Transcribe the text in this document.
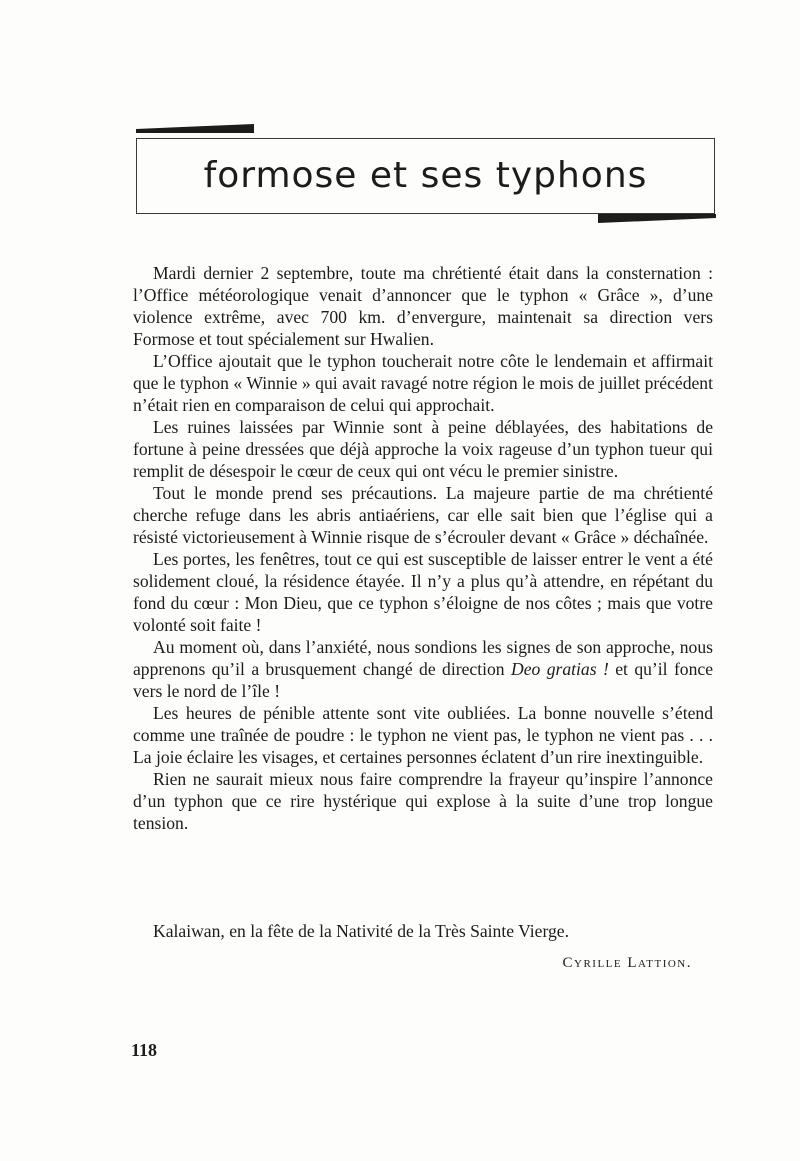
formose et ses typhons

Mardi dernier 2 septembre, toute ma chrétienté était dans la consternation : l’Office météorologique venait d’annoncer que le typhon « Grâce », d’une violence extrême, avec 700 km. d’envergure, maintenait sa direction vers Formose et tout spécialement sur Hwalien.

L’Office ajoutait que le typhon toucherait notre côte le lendemain et affirmait que le typhon « Winnie » qui avait ravagé notre région le mois de juillet précédent n’était rien en comparaison de celui qui approchait.

Les ruines laissées par Winnie sont à peine déblayées, des habitations de fortune à peine dressées que déjà approche la voix rageuse d’un typhon tueur qui remplit de désespoir le cœur de ceux qui ont vécu le premier sinistre.

Tout le monde prend ses précautions. La majeure partie de ma chrétienté cherche refuge dans les abris antiaériens, car elle sait bien que l’église qui a résisté victorieusement à Winnie risque de s’écrouler devant « Grâce » déchaînée.

Les portes, les fenêtres, tout ce qui est susceptible de laisser entrer le vent a été solidement cloué, la résidence étayée. Il n’y a plus qu’à attendre, en répétant du fond du cœur : Mon Dieu, que ce typhon s’éloigne de nos côtes ; mais que votre volonté soit faite !

Au moment où, dans l’anxiété, nous sondions les signes de son approche, nous apprenons qu’il a brusquement changé de direction Deo gratias ! et qu’il fonce vers le nord de l’île !

Les heures de pénible attente sont vite oubliées. La bonne nouvelle s’étend comme une traînée de poudre : le typhon ne vient pas, le typhon ne vient pas . . . La joie éclaire les visages, et certaines personnes éclatent d’un rire inextinguible.

Rien ne saurait mieux nous faire comprendre la frayeur qu’inspire l’annonce d’un typhon que ce rire hystérique qui explose à la suite d’une trop longue tension.

Kalaiwan, en la fête de la Nativité de la Très Sainte Vierge.
Cyrille Lattion.
118
